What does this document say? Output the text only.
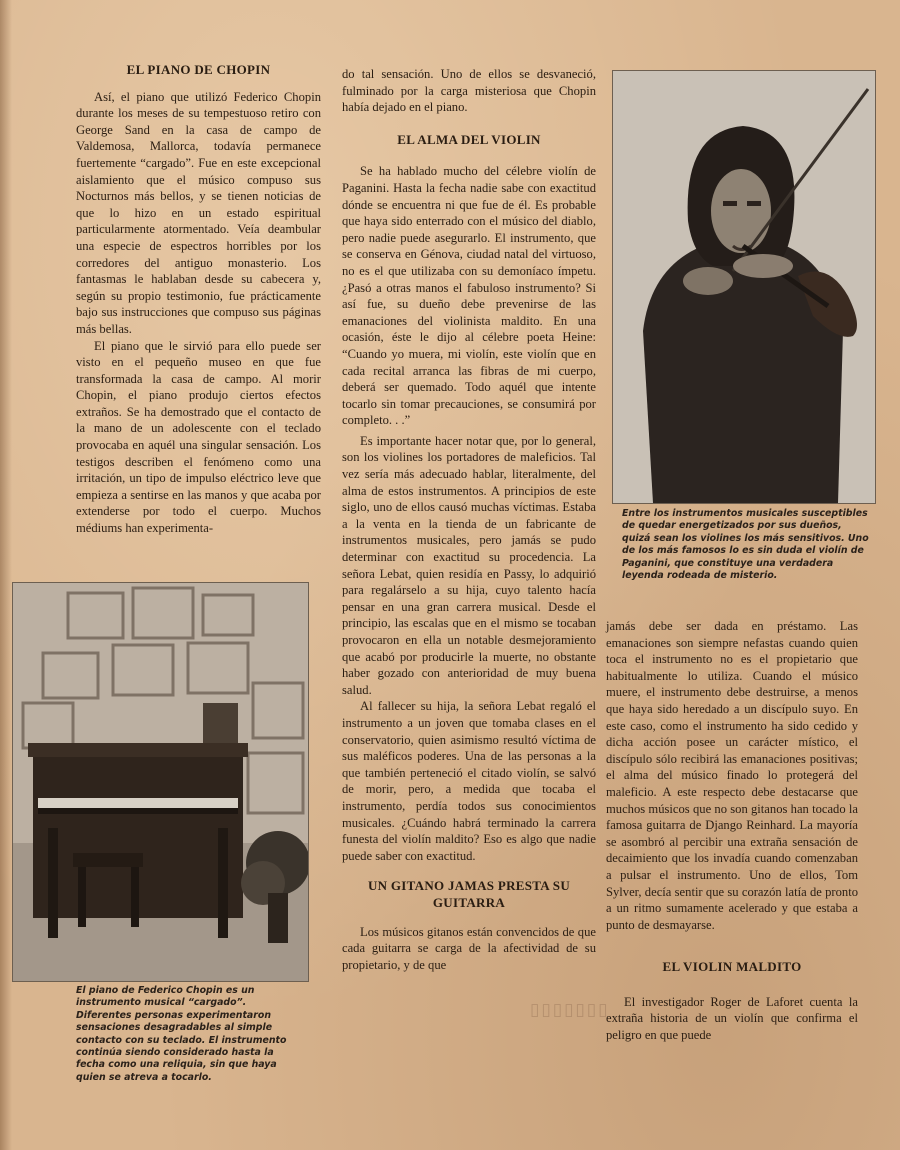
EL PIANO DE CHOPIN

Así, el piano que utilizó Federico Chopin durante los meses de su tempestuoso retiro con George Sand en la casa de campo de Valdemosa, Mallorca, todavía permanece fuertemente “cargado”. Fue en este excepcional aislamiento que el músico compuso sus Nocturnos más bellos, y se tienen noticias de que lo hizo en un estado espiritual particularmente atormentado. Veía deambular una especie de espectros horribles por los corredores del antiguo monasterio. Los fantasmas le hablaban desde su cabecera y, según su propio testimonio, fue prácticamente bajo sus instrucciones que compuso sus páginas más bellas.

El piano que le sirvió para ello puede ser visto en el pequeño museo en que fue transformada la casa de campo. Al morir Chopin, el piano produjo ciertos efectos extraños. Se ha demostrado que el contacto de la mano de un adolescente con el teclado provocaba en aquél una singular sensación. Los testigos describen el fenómeno como una irritación, un tipo de impulso eléctrico leve que empieza a sentirse en las manos y que acaba por extenderse por todo el cuerpo. Muchos médiums han experimenta-

El piano de Federico Chopin es un instrumento musical “cargado”. Diferentes personas experimentaron sensaciones desagradables al simple contacto con su teclado. El instrumento continúa siendo considerado hasta la fecha como una reliquia, sin que haya quien se atreva a tocarlo.

do tal sensación. Uno de ellos se desvaneció, fulminado por la carga misteriosa que Chopin había dejado en el piano.

EL ALMA DEL VIOLIN

Se ha hablado mucho del célebre violín de Paganini. Hasta la fecha nadie sabe con exactitud dónde se encuentra ni que fue de él. Es probable que haya sido enterrado con el músico del diablo, pero nadie puede asegurarlo. El instrumento, que se conserva en Génova, ciudad natal del virtuoso, no es el que utilizaba con su demoníaco ímpetu. ¿Pasó a otras manos el fabuloso instrumento? Si así fue, su dueño debe prevenirse de las emanaciones del violinista maldito. En una ocasión, éste le dijo al célebre poeta Heine: “Cuando yo muera, mi violín, este violín que en cada recital arranca las fibras de mi cuerpo, deberá ser quemado. Todo aquél que intente tocarlo sin tomar precauciones, se consumirá por completo. . .”

Es importante hacer notar que, por lo general, son los violines los portadores de maleficios. Tal vez sería más adecuado hablar, literalmente, del alma de estos instrumentos. A principios de este siglo, uno de ellos causó muchas víctimas. Estaba a la venta en la tienda de un fabricante de instrumentos musicales, pero jamás se pudo determinar con exactitud su procedencia. La señora Lebat, quien residía en Passy, lo adquirió para regalárselo a su hija, cuyo talento hacía pensar en una gran carrera musical. Desde el principio, las escalas que en el mismo se tocaban provocaron en ella un notable desmejoramiento que acabó por producirle la muerte, no obstante haber gozado con anterioridad de muy buena salud.

Al fallecer su hija, la señora Lebat regaló el instrumento a un joven que tomaba clases en el conservatorio, quien asimismo resultó víctima de sus maléficos poderes. Una de las personas a la que también perteneció el citado violín, se salvó de morir, pero, a medida que tocaba el instrumento, perdía todos sus conocimientos musicales. ¿Cuándo habrá terminado la carrera funesta del violín maldito? Eso es algo que nadie puede saber con exactitud.

UN GITANO JAMAS PRESTA SU GUITARRA

Los músicos gitanos están convencidos de que cada guitarra se carga de la afectividad de su propietario, y de que

▯▯▯▯▯▯▯
Entre los instrumentos musicales susceptibles de quedar energetizados por sus dueños, quizá sean los violines los más sensitivos. Uno de los más famosos lo es sin duda el violín de Paganini, que constituye una verdadera leyenda rodeada de misterio.

jamás debe ser dada en préstamo. Las emanaciones son siempre nefastas cuando quien toca el instrumento no es el propietario que habitualmente lo utiliza. Cuando el músico muere, el instrumento debe destruirse, a menos que haya sido heredado a un discípulo suyo. En este caso, como el instrumento ha sido cedido y dicha acción posee un carácter místico, el discípulo sólo recibirá las emanaciones positivas; el alma del músico finado lo protegerá del maleficio. A este respecto debe destacarse que muchos músicos que no son gitanos han tocado la famosa guitarra de Django Reinhard. La mayoría se asombró al percibir una extraña sensación de decaimiento que los invadía cuando comenzaban a pulsar el instrumento. Uno de ellos, Tom Sylver, decía sentir que su corazón latía de pronto a un ritmo sumamente acelerado y que estaba a punto de desmayarse.

EL VIOLIN MALDITO

El investigador Roger de Laforet cuenta la extraña historia de un violín que confirma el peligro en que puede
